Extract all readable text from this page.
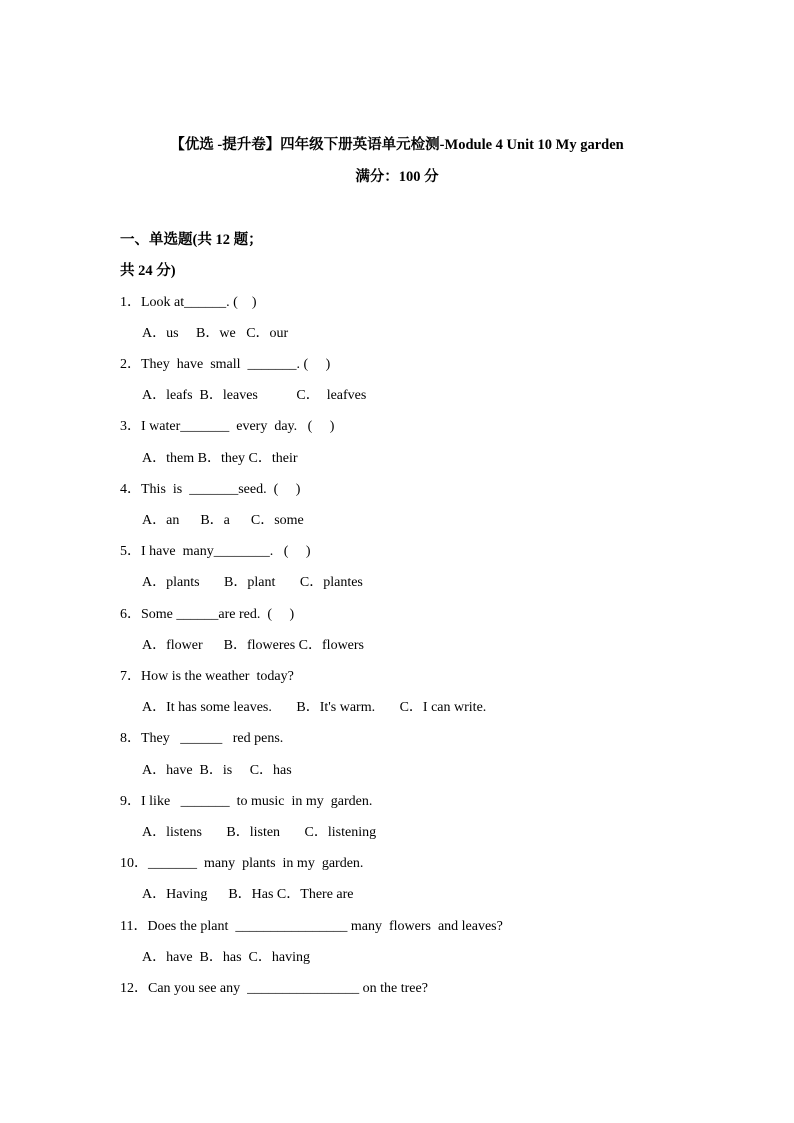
【优选 -提升卷】四年级下册英语单元检测-Module 4 Unit 10 My garden
满分：100 分
一、单选题(共 12 题；
共 24 分)
1．Look at______. (    )
A．us     B．we   C．our
2．They  have  small  _______. (     )
A．leafs  B．leaves           C．  leafves
3．I water_______  every  day.   (     )
A．them B．they C．their
4．This  is  _______seed.  (     )
A．an      B．a      C．some
5．I have  many________.   (     )
A．plants       B．plant       C．plantes
6．Some ______are red.  (     )
A．flower      B．floweres C．flowers
7．How is the weather  today?
A．It has some leaves.       B．It's warm.       C．I can write.
8．They   ______   red pens.
A．have  B．is     C．has
9．I like   _______  to music  in my  garden.
A．listens       B．listen       C．listening
10．_______  many  plants  in my  garden.
A．Having      B．Has C．There are
11．Does the plant  ________________ many  flowers  and leaves?
A．have  B．has  C．having
12．Can you see any  ________________ on the tree?
